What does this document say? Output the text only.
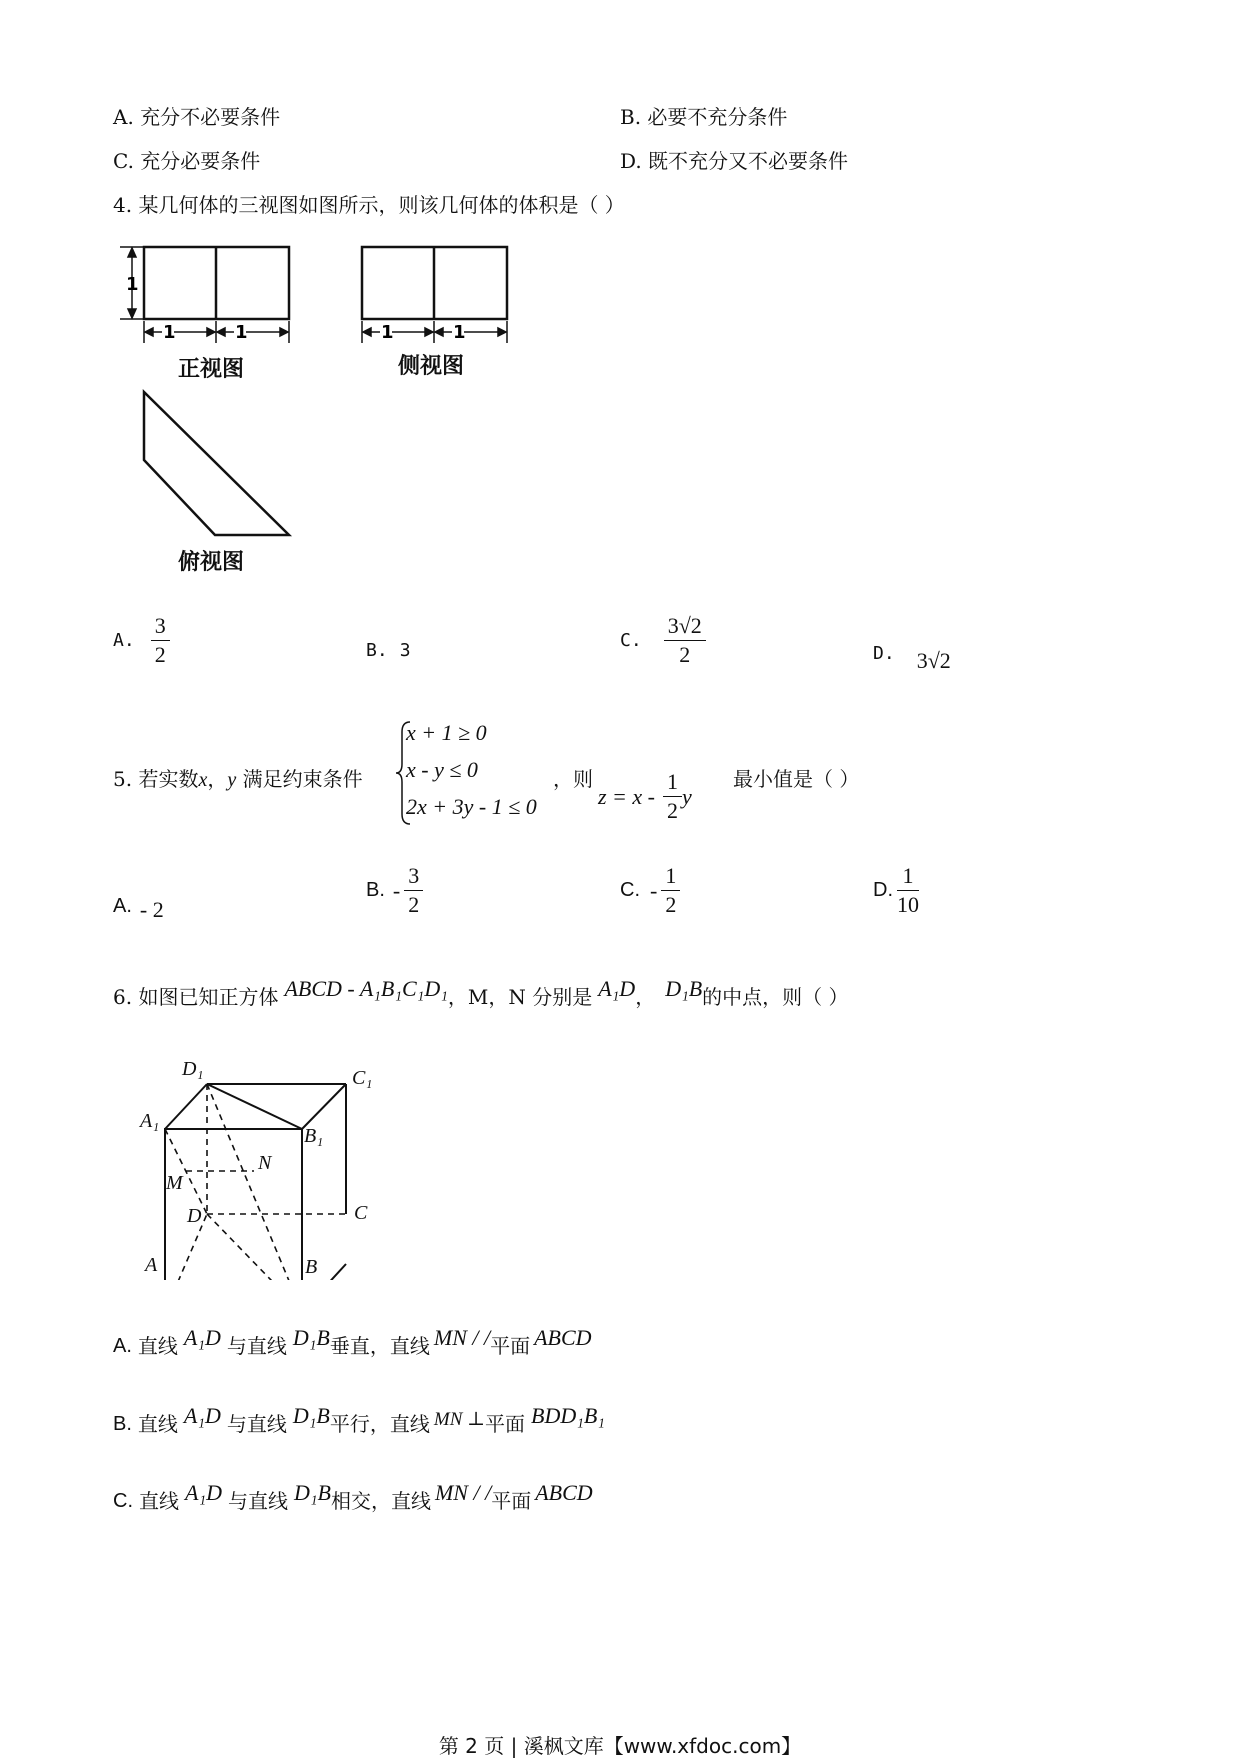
A. 充分不必要条件	B. 必要不充分条件
C. 充分必要条件	D. 既不充分又不必要条件
4. 某几何体的三视图如图所示，则该几何体的体积是（ ）
1
1	1	1	1
正视图	侧视图
俯视图
A. $\frac{3}{2}$	B. 3	C. $\frac{3√2}{2}$	D. 3√2
5. 若实数x，y 满足约束条件
x + 1 ≥ 0
x - y ≤ 0
2x + 3y - 1 ≤ 0
，则
$z = x - \frac{1}{2}$ y
最小值是（ ）
A. - 2
B. - $\frac{3}{2}$	C. - $\frac{1}{2}$	D. $\frac{1}{10}$
6. 如图已知正方体 ABCD - A₁B₁C₁D₁ ，M，N 分别是 A₁D ， D₁B 的中点，则（ ）
D₁	C₁
A₁
B₁
N
M
D	C
A	B
A. 直线 A₁D 与直线 D₁B 垂直，直线 MN / / 平面 ABCD
B. 直线 A₁D 与直线 D₁B 平行，直线 MN ⊥ 平面 BDD₁B₁
C. 直线 A₁D 与直线 D₁B 相交，直线 MN / / 平面 ABCD
第 2 页 | 溪枫文库【www.xfdoc.com】
